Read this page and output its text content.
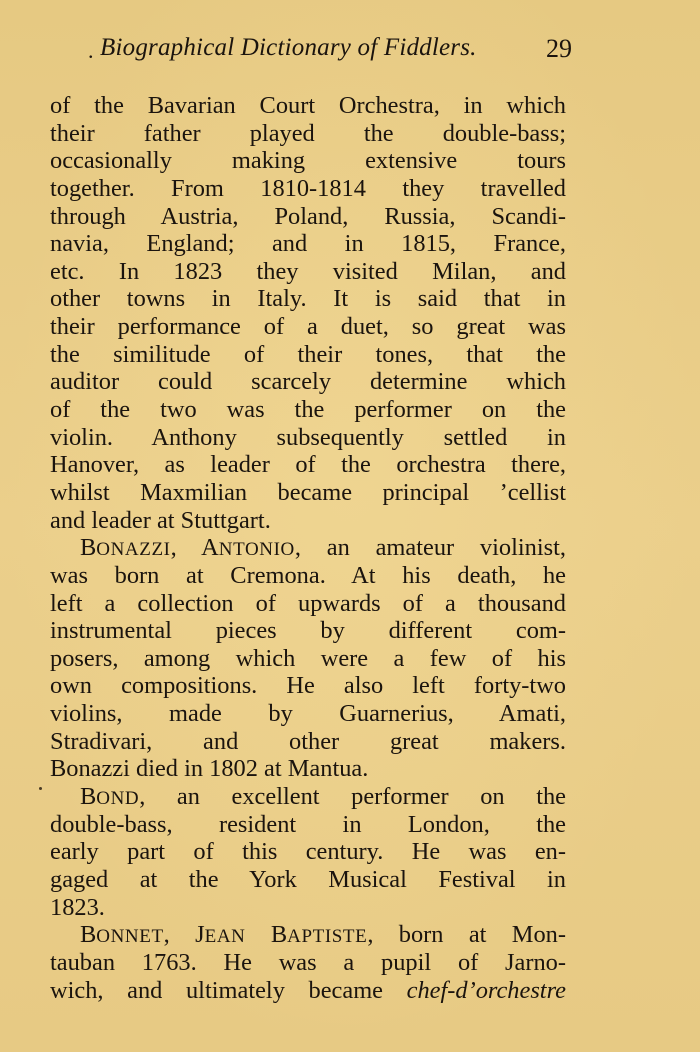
. Biographical Dictionary of Fiddlers.	29
of the Bavarian Court Orchestra, in which
their father played the double-bass;
occasionally making extensive tours
together. From 1810-1814 they travelled
through Austria, Poland, Russia, Scandi-
navia, England; and in 1815, France,
etc. In 1823 they visited Milan, and
other towns in Italy. It is said that in
their performance of a duet, so great was
the similitude of their tones, that the
auditor could scarcely determine which
of the two was the performer on the
violin. Anthony subsequently settled in
Hanover, as leader of the orchestra there,
whilst Maxmilian became principal ’cellist
and leader at Stuttgart.
BONAZZI, ANTONIO, an amateur violinist,
was born at Cremona. At his death, he
left a collection of upwards of a thousand
instrumental pieces by different com-
posers, among which were a few of his
own compositions. He also left forty-two
violins, made by Guarnerius, Amati,
Stradivari, and other great makers.
Bonazzi died in 1802 at Mantua.
BOND, an excellent performer on the
double-bass, resident in London, the
early part of this century. He was en-
gaged at the York Musical Festival in
1823.
BONNET, JEAN BAPTISTE, born at Mon-
tauban 1763. He was a pupil of Jarno-
wich, and ultimately became chef-d’orchestre
